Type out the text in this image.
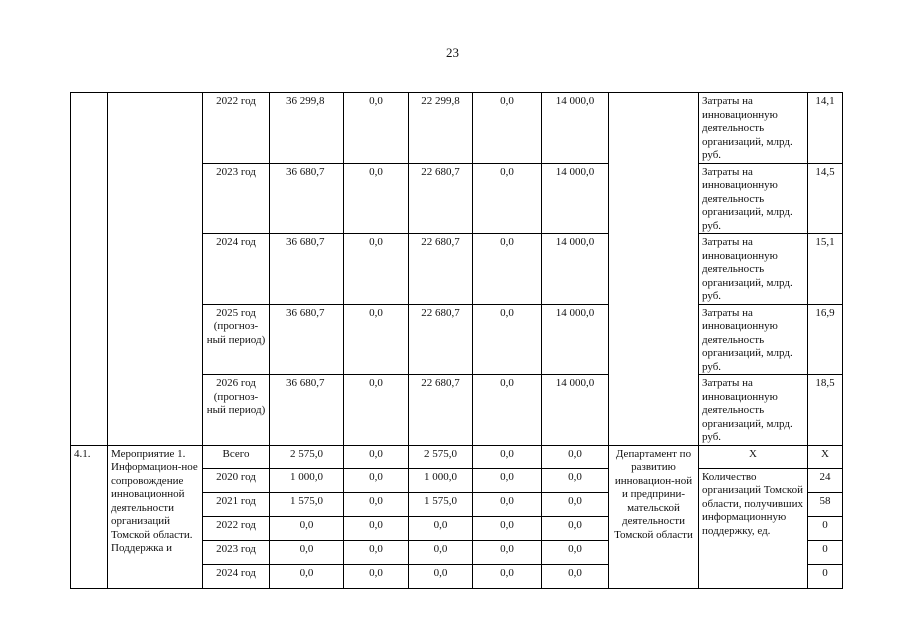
23
		2022 год	36 299,8	0,0	22 299,8	0,0	14 000,0		Затраты на инновационную деятельность организаций, млрд. руб.	14,1
		2023 год	36 680,7	0,0	22 680,7	0,0	14 000,0		Затраты на инновационную деятельность организаций, млрд. руб.	14,5
		2024 год	36 680,7	0,0	22 680,7	0,0	14 000,0		Затраты на инновационную деятельность организаций, млрд. руб.	15,1
		2025 год (прогноз-ный период)	36 680,7	0,0	22 680,7	0,0	14 000,0		Затраты на инновационную деятельность организаций, млрд. руб.	16,9
		2026 год (прогноз-ный период)	36 680,7	0,0	22 680,7	0,0	14 000,0		Затраты на инновационную деятельность организаций, млрд. руб.	18,5
4.1.	Мероприятие 1. Информацион-ное сопровождение инновационной деятельности организаций Томской области. Поддержка и	Всего	2 575,0	0,0	2 575,0	0,0	0,0	Департамент по развитию инновацион-ной и предприни-мательской деятельности Томской области	Х	Х
		2020 год	1 000,0	0,0	1 000,0	0,0	0,0		Количество организаций Томской области, получивших информационную поддержку, ед.	24
		2021 год	1 575,0	0,0	1 575,0	0,0	0,0			58
		2022 год	0,0	0,0	0,0	0,0	0,0			0
		2023 год	0,0	0,0	0,0	0,0	0,0			0
		2024 год	0,0	0,0	0,0	0,0	0,0			0
